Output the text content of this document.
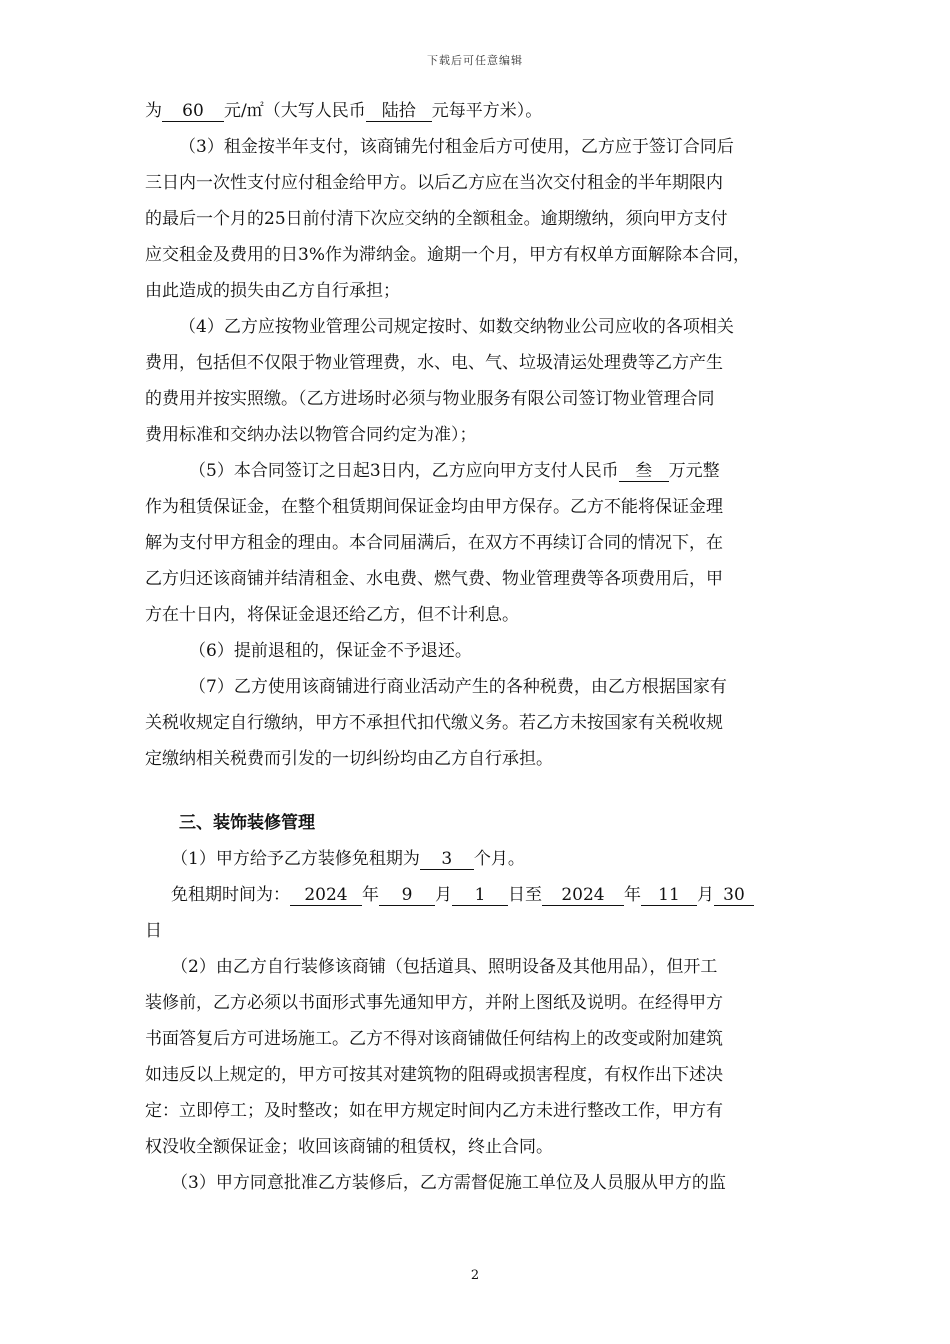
下载后可任意编辑
为 60 元/㎡（大写人民币 陆拾 元每平方米）。
（3）租金按半年支付，该商铺先付租金后方可使用，乙方应于签订合同后
三日内一次性支付应付租金给甲方。以后乙方应在当次交付租金的半年期限内
的最后一个月的25日前付清下次应交纳的全额租金。逾期缴纳，须向甲方支付
应交租金及费用的日3%作为滞纳金。逾期一个月，甲方有权单方面解除本合同，
由此造成的损失由乙方自行承担；
（4）乙方应按物业管理公司规定按时、如数交纳物业公司应收的各项相关
费用，包括但不仅限于物业管理费，水、电、气、垃圾清运处理费等乙方产生
的费用并按实照缴。（乙方进场时必须与物业服务有限公司签订物业管理合同
费用标准和交纳办法以物管合同约定为准）；
（5）本合同签订之日起3日内，乙方应向甲方支付人民币 叁 万元整
作为租赁保证金，在整个租赁期间保证金均由甲方保存。乙方不能将保证金理
解为支付甲方租金的理由。本合同届满后，在双方不再续订合同的情况下，在
乙方归还该商铺并结清租金、水电费、燃气费、物业管理费等各项费用后，甲
方在十日内，将保证金退还给乙方，但不计利息。
（6）提前退租的，保证金不予退还。
（7）乙方使用该商铺进行商业活动产生的各种税费，由乙方根据国家有
关税收规定自行缴纳，甲方不承担代扣代缴义务。若乙方未按国家有关税收规
定缴纳相关税费而引发的一切纠纷均由乙方自行承担。
三、装饰装修管理
（1）甲方给予乙方装修免租期为 3 个月。
免租期时间为： 2024 年 9 月 1 日至 2024 年 11 月 30
日
（2）由乙方自行装修该商铺（包括道具、照明设备及其他用品），但开工
装修前，乙方必须以书面形式事先通知甲方，并附上图纸及说明。在经得甲方
书面答复后方可进场施工。乙方不得对该商铺做任何结构上的改变或附加建筑
如违反以上规定的，甲方可按其对建筑物的阻碍或损害程度，有权作出下述决
定：立即停工；及时整改；如在甲方规定时间内乙方未进行整改工作，甲方有
权没收全额保证金；收回该商铺的租赁权，终止合同。
（3）甲方同意批准乙方装修后，乙方需督促施工单位及人员服从甲方的监
2
